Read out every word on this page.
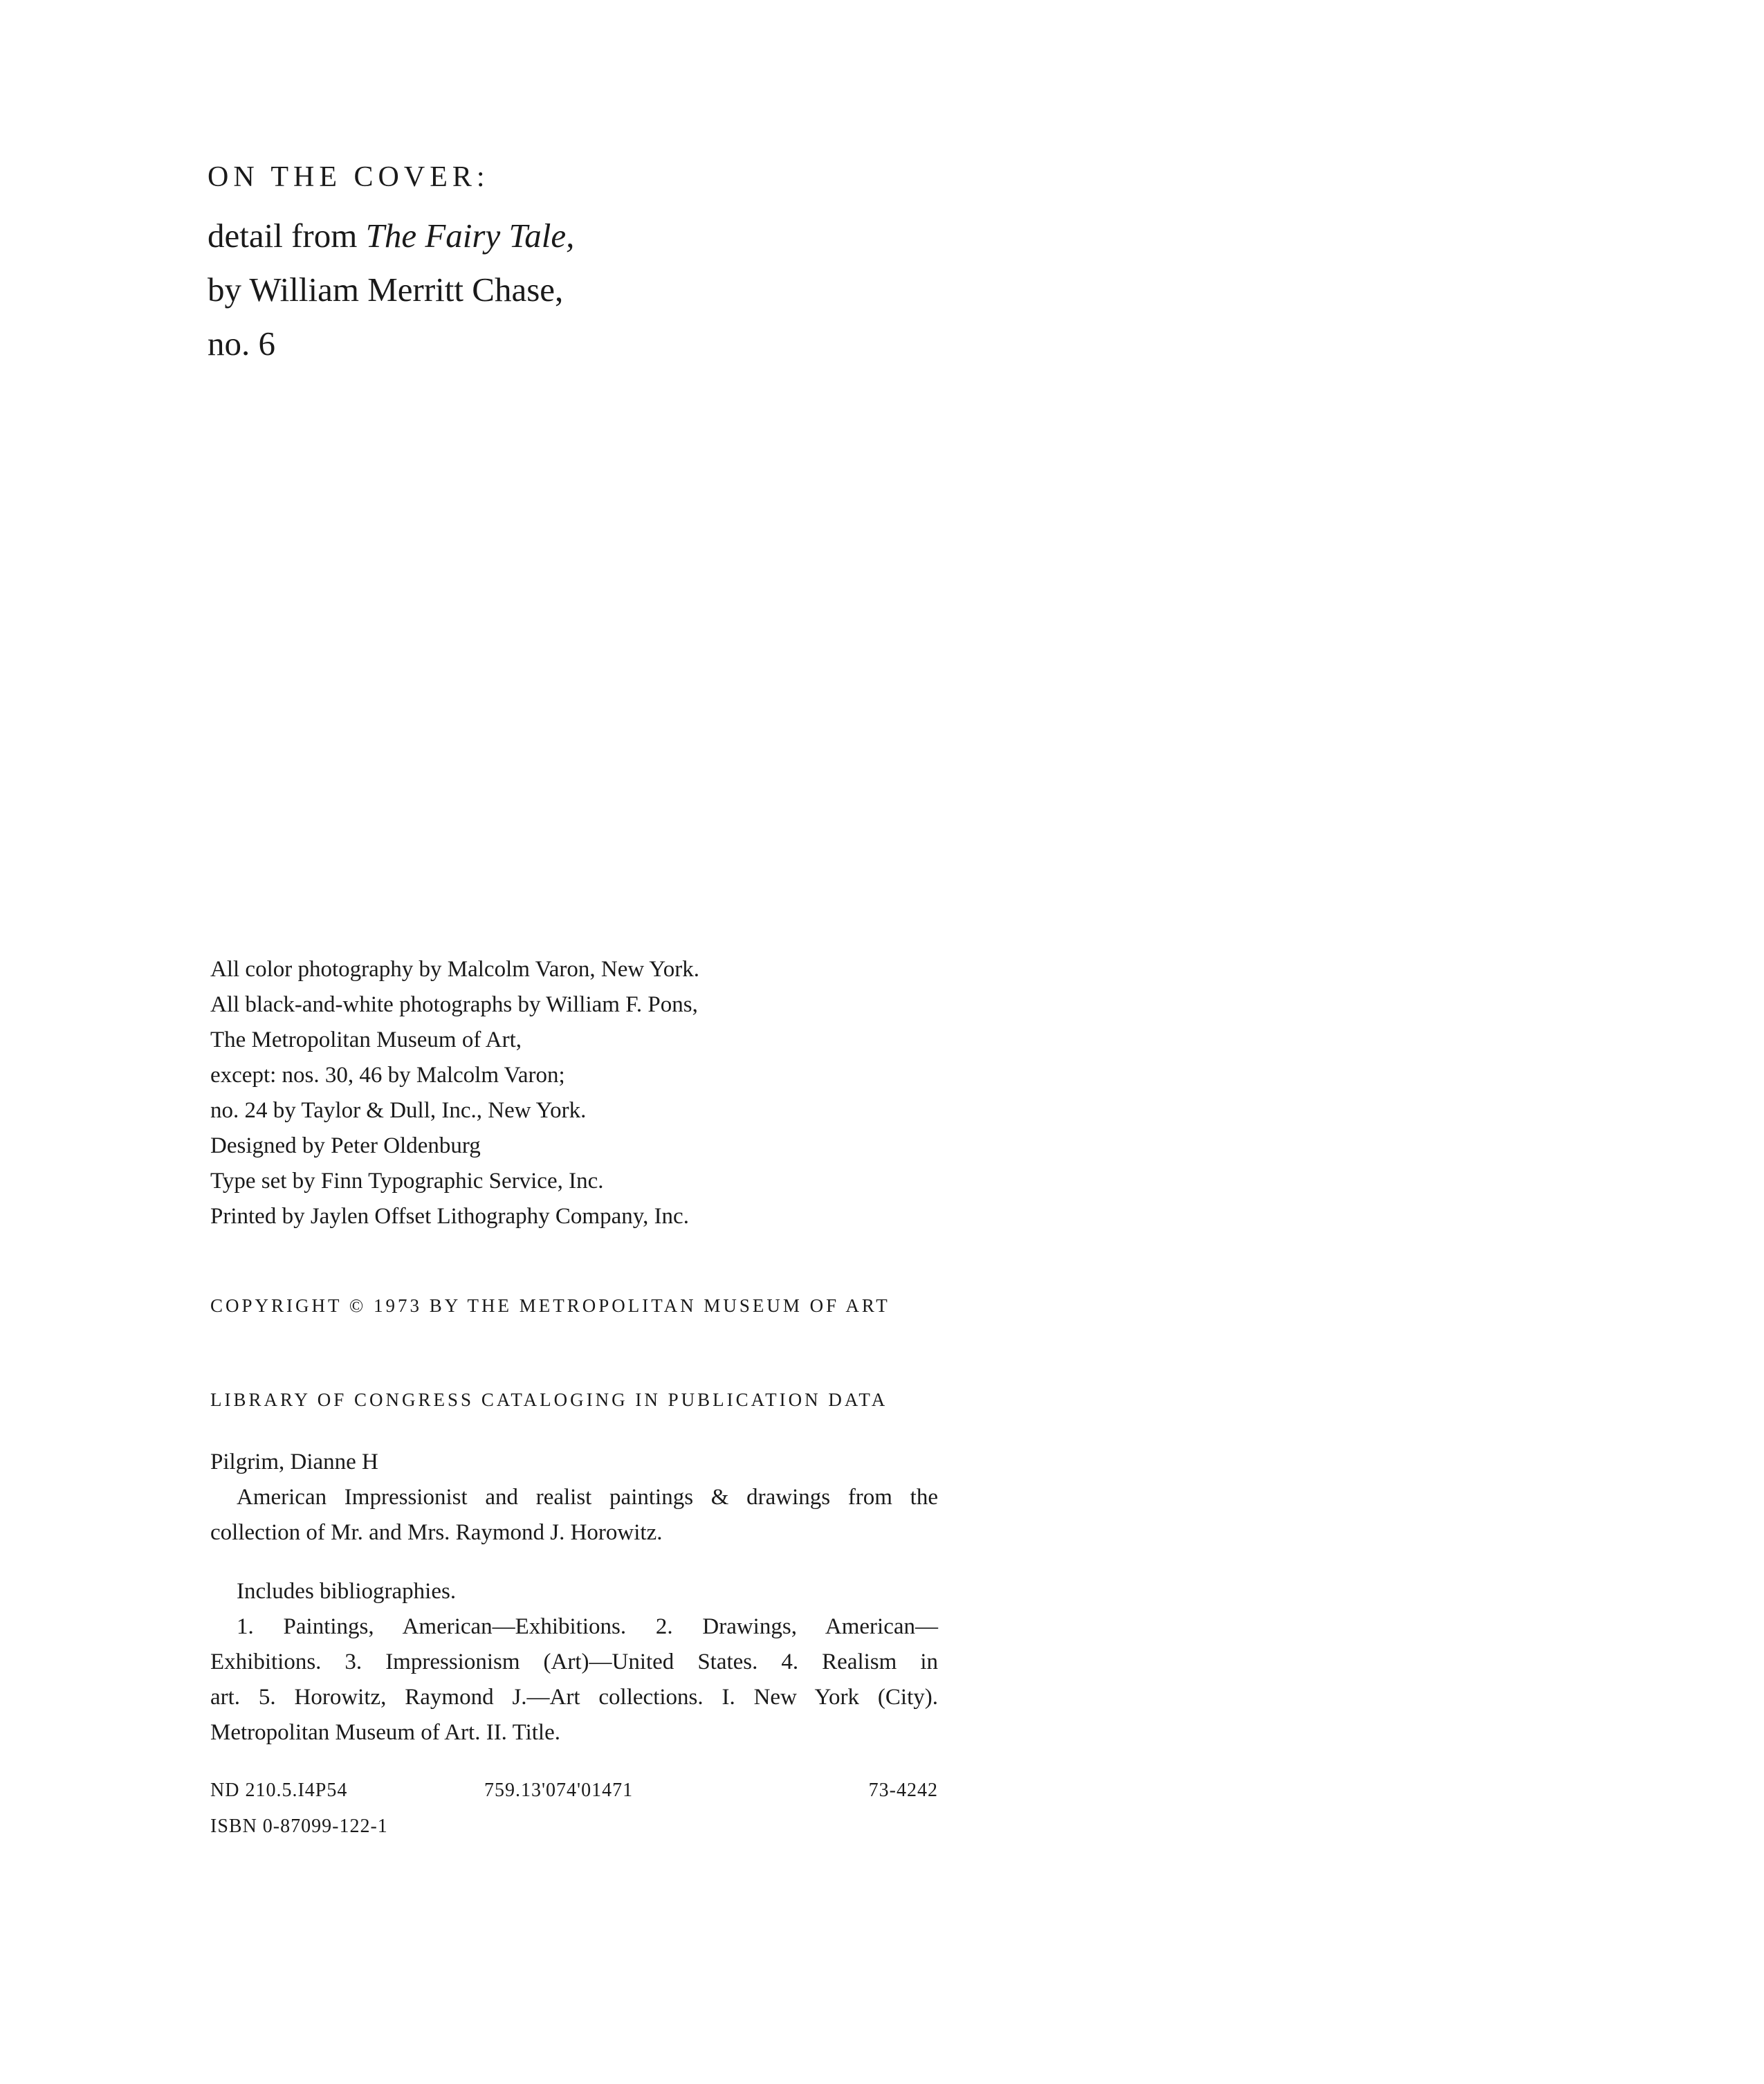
ON THE COVER:
detail from The Fairy Tale,
by William Merritt Chase,
no. 6
All color photography by Malcolm Varon, New York.
All black-and-white photographs by William F. Pons,
The Metropolitan Museum of Art,
except: nos. 30, 46 by Malcolm Varon;
no. 24 by Taylor & Dull, Inc., New York.
Designed by Peter Oldenburg
Type set by Finn Typographic Service, Inc.
Printed by Jaylen Offset Lithography Company, Inc.
COPYRIGHT © 1973 BY THE METROPOLITAN MUSEUM OF ART
LIBRARY OF CONGRESS CATALOGING IN PUBLICATION DATA
Pilgrim, Dianne H
American Impressionist and realist paintings & drawings from the
collection of Mr. and Mrs. Raymond J. Horowitz.
Includes bibliographies.
1. Paintings, American—Exhibitions. 2. Drawings, American—
Exhibitions. 3. Impressionism (Art)—United States. 4. Realism in
art. 5. Horowitz, Raymond J.—Art collections. I. New York (City).
Metropolitan Museum of Art. II. Title.
ND 210.5.I4P54	759.13'074'01471	73-4242
ISBN 0-87099-122-1
